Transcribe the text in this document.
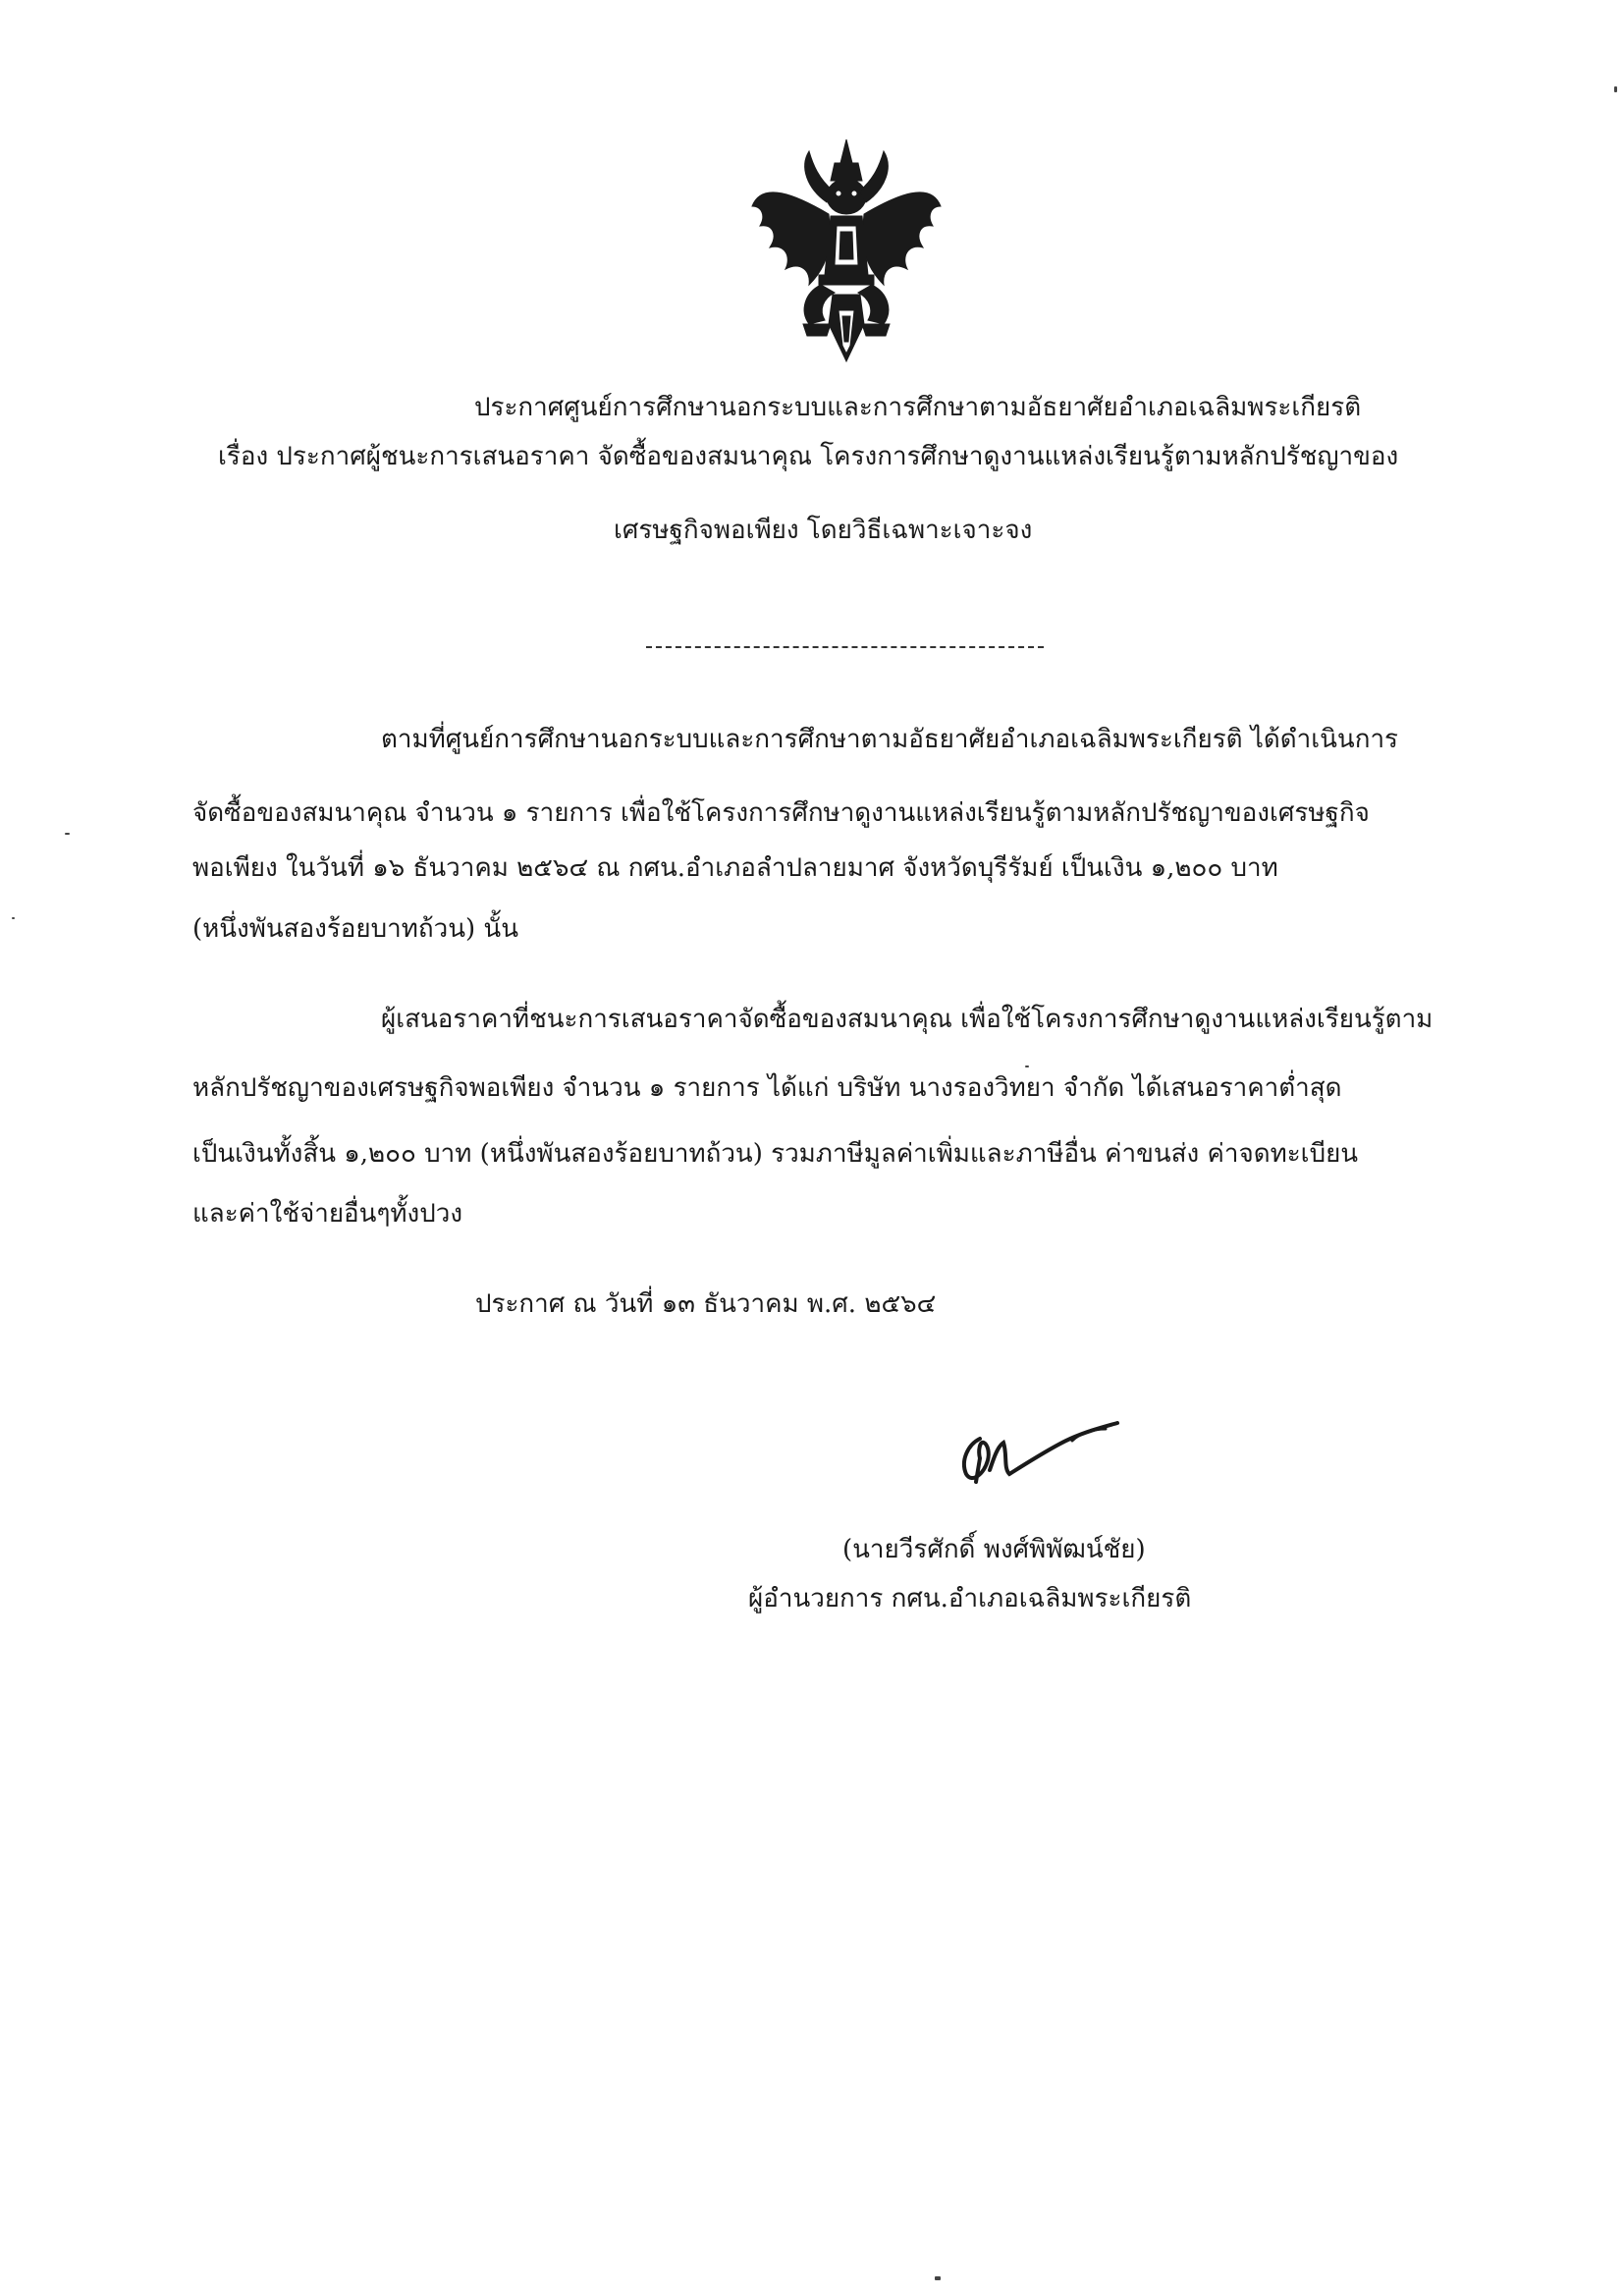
ประกาศศูนย์การศึกษานอกระบบและการศึกษาตามอัธยาศัยอำเภอเฉลิมพระเกียรติ
เรื่อง ประกาศผู้ชนะการเสนอราคา จัดซื้อของสมนาคุณ โครงการศึกษาดูงานแหล่งเรียนรู้ตามหลักปรัชญาของ
เศรษฐกิจพอเพียง โดยวิธีเฉพาะเจาะจง
ตามที่ศูนย์การศึกษานอกระบบและการศึกษาตามอัธยาศัยอำเภอเฉลิมพระเกียรติ ได้ดำเนินการ
จัดซื้อของสมนาคุณ จำนวน ๑ รายการ เพื่อใช้โครงการศึกษาดูงานแหล่งเรียนรู้ตามหลักปรัชญาของเศรษฐกิจ
พอเพียง ในวันที่ ๑๖ ธันวาคม ๒๕๖๔ ณ กศน.อำเภอลำปลายมาศ จังหวัดบุรีรัมย์ เป็นเงิน ๑,๒๐๐ บาท
(หนึ่งพันสองร้อยบาทถ้วน) นั้น
ผู้เสนอราคาที่ชนะการเสนอราคาจัดซื้อของสมนาคุณ เพื่อใช้โครงการศึกษาดูงานแหล่งเรียนรู้ตาม
หลักปรัชญาของเศรษฐกิจพอเพียง จำนวน ๑ รายการ ได้แก่ บริษัท นางรองวิทยา จำกัด ได้เสนอราคาต่ำสุด
เป็นเงินทั้งสิ้น ๑,๒๐๐ บาท (หนึ่งพันสองร้อยบาทถ้วน) รวมภาษีมูลค่าเพิ่มและภาษีอื่น ค่าขนส่ง ค่าจดทะเบียน
และค่าใช้จ่ายอื่นๆทั้งปวง
ประกาศ ณ วันที่ ๑๓ ธันวาคม พ.ศ. ๒๕๖๔
(นายวีรศักดิ์ พงศ์พิพัฒน์ชัย)
ผู้อำนวยการ กศน.อำเภอเฉลิมพระเกียรติ
